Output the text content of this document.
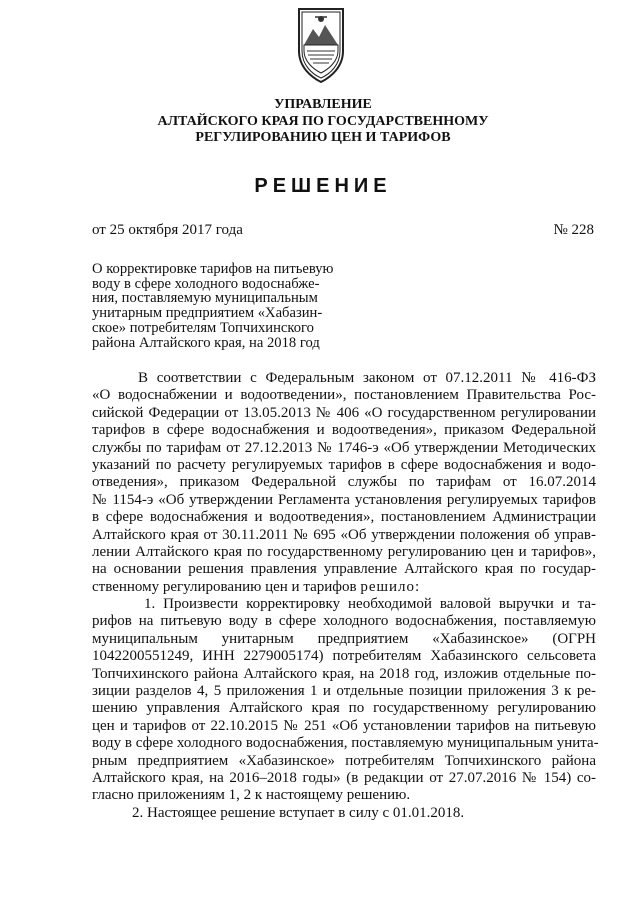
УПРАВЛЕНИЕ
АЛТАЙСКОГО КРАЯ ПО ГОСУДАРСТВЕННОМУ
РЕГУЛИРОВАНИЮ ЦЕН И ТАРИФОВ
РЕШЕНИЕ
от 25 октября 2017 года	№ 228
О корректировке тарифов на питьевую
воду в сфере холодного водоснабже-
ния, поставляемую муниципальным
унитарным предприятием «Хабазин-
ское» потребителям Топчихинского
района Алтайского края, на 2018 год
В соответствии с Федеральным законом от 07.12.2011 № 416-ФЗ
«О водоснабжении и водоотведении», постановлением Правительства Рос-
сийской Федерации от 13.05.2013 № 406 «О государственном регулировании
тарифов в сфере водоснабжения и водоотведения», приказом Федеральной
службы по тарифам от 27.12.2013 № 1746-э «Об утверждении Методических
указаний по расчету регулируемых тарифов в сфере водоснабжения и водо-
отведения», приказом Федеральной службы по тарифам от 16.07.2014
№ 1154-э «Об утверждении Регламента установления регулируемых тарифов
в сфере водоснабжения и водоотведения», постановлением Администрации
Алтайского края от 30.11.2011 № 695 «Об утверждении положения об управ-
лении Алтайского края по государственному регулированию цен и тарифов»,
на основании решения правления управление Алтайского края по государ-
ственному регулированию цен и тарифов решило:
1. Произвести корректировку необходимой валовой выручки и та-
рифов на питьевую воду в сфере холодного водоснабжения, поставляемую
муниципальным унитарным предприятием «Хабазинское» (ОГРН
1042200551249, ИНН 2279005174) потребителям Хабазинского сельсовета
Топчихинского района Алтайского края, на 2018 год, изложив отдельные по-
зиции разделов 4, 5 приложения 1 и отдельные позиции приложения 3 к ре-
шению управления Алтайского края по государственному регулированию
цен и тарифов от 22.10.2015 № 251 «Об установлении тарифов на питьевую
воду в сфере холодного водоснабжения, поставляемую муниципальным унита-
рным предприятием «Хабазинское» потребителям Топчихинского района
Алтайского края, на 2016–2018 годы» (в редакции от 27.07.2016 № 154) со-
гласно приложениям 1, 2 к настоящему решению.
2. Настоящее решение вступает в силу с 01.01.2018.
